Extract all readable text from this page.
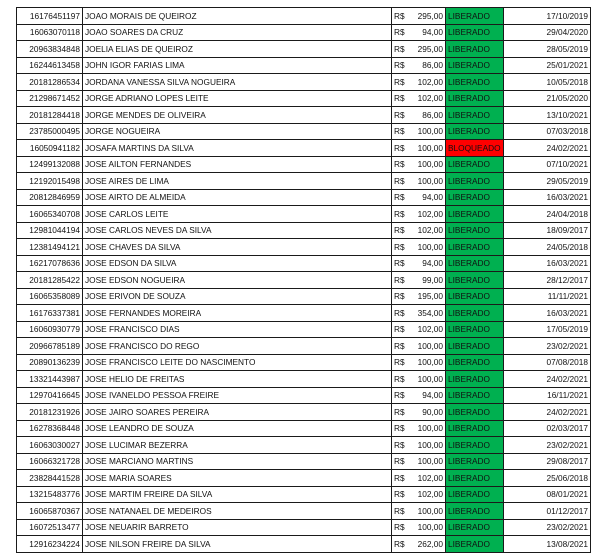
16176451197	JOAO MORAIS DE QUEIROZ	R$ 295,00	LIBERADO	17/10/2019
16063070118	JOAO SOARES DA CRUZ	R$ 94,00	LIBERADO	29/04/2020
20963834848	JOELIA ELIAS DE QUEIROZ	R$ 295,00	LIBERADO	28/05/2019
16244613458	JOHN IGOR FARIAS LIMA	R$ 86,00	LIBERADO	25/01/2021
20181286534	JORDANA VANESSA SILVA NOGUEIRA	R$ 102,00	LIBERADO	10/05/2018
21298671452	JORGE ADRIANO LOPES LEITE	R$ 102,00	LIBERADO	21/05/2020
20181284418	JORGE MENDES DE OLIVEIRA	R$ 86,00	LIBERADO	13/10/2021
23785000495	JORGE NOGUEIRA	R$ 100,00	LIBERADO	07/03/2018
16050941182	JOSAFA MARTINS DA SILVA	R$ 100,00	BLOQUEADO	24/02/2021
12499132088	JOSE AILTON FERNANDES	R$ 100,00	LIBERADO	07/10/2021
12192015498	JOSE AIRES DE LIMA	R$ 100,00	LIBERADO	29/05/2019
20812846959	JOSE AIRTO DE ALMEIDA	R$ 94,00	LIBERADO	16/03/2021
16065340708	JOSE CARLOS LEITE	R$ 102,00	LIBERADO	24/04/2018
12981044194	JOSE CARLOS NEVES DA SILVA	R$ 102,00	LIBERADO	18/09/2017
12381494121	JOSE CHAVES DA SILVA	R$ 100,00	LIBERADO	24/05/2018
16217078636	JOSE EDSON DA SILVA	R$ 94,00	LIBERADO	16/03/2021
20181285422	JOSE EDSON NOGUEIRA	R$ 99,00	LIBERADO	28/12/2017
16065358089	JOSE ERIVON DE SOUZA	R$ 195,00	LIBERADO	11/11/2021
16176337381	JOSE FERNANDES MOREIRA	R$ 354,00	LIBERADO	16/03/2021
16060930779	JOSE FRANCISCO DIAS	R$ 102,00	LIBERADO	17/05/2019
20966785189	JOSE FRANCISCO DO REGO	R$ 100,00	LIBERADO	23/02/2021
20890136239	JOSE FRANCISCO LEITE DO NASCIMENTO	R$ 100,00	LIBERADO	07/08/2018
13321443987	JOSE HELIO DE FREITAS	R$ 100,00	LIBERADO	24/02/2021
12970416645	JOSE IVANELDO PESSOA FREIRE	R$ 94,00	LIBERADO	16/11/2021
20181231926	JOSE JAIRO SOARES PEREIRA	R$ 90,00	LIBERADO	24/02/2021
16278368448	JOSE LEANDRO DE SOUZA	R$ 100,00	LIBERADO	02/03/2017
16063030027	JOSE LUCIMAR BEZERRA	R$ 100,00	LIBERADO	23/02/2021
16066321728	JOSE MARCIANO MARTINS	R$ 100,00	LIBERADO	29/08/2017
23828441528	JOSE MARIA SOARES	R$ 102,00	LIBERADO	25/06/2018
13215483776	JOSE MARTIM FREIRE DA SILVA	R$ 102,00	LIBERADO	08/01/2021
16065870367	JOSE NATANAEL DE MEDEIROS	R$ 100,00	LIBERADO	01/12/2017
16072513477	JOSE NEUARIR BARRETO	R$ 100,00	LIBERADO	23/02/2021
12916234224	JOSE NILSON FREIRE DA SILVA	R$ 262,00	LIBERADO	13/08/2021
